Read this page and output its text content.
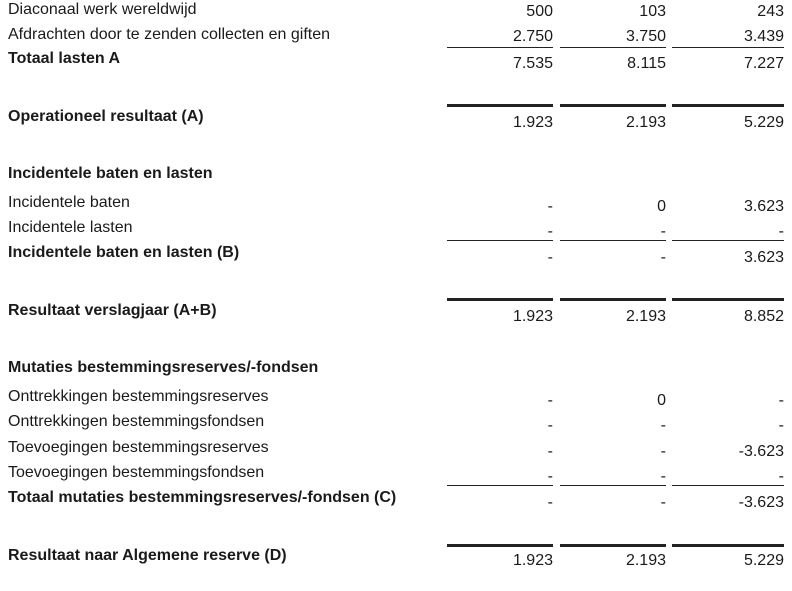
Diaconaal werk wereldwijd	500	103	243
Afdrachten door te zenden collecten en giften	2.750	3.750	3.439
Totaal lasten A	7.535	8.115	7.227
Operationeel resultaat (A)	1.923	2.193	5.229
Incidentele baten en lasten
Incidentele baten	-	0	3.623
Incidentele lasten	-	-	-
Incidentele baten en lasten (B)	-	-	3.623
Resultaat verslagjaar (A+B)	1.923	2.193	8.852
Mutaties bestemmingsreserves/-fondsen
Onttrekkingen bestemmingsreserves	-	0	-
Onttrekkingen bestemmingsfondsen	-	-	-
Toevoegingen bestemmingsreserves	-	-	-3.623
Toevoegingen bestemmingsfondsen	-	-	-
Totaal mutaties bestemmingsreserves/-fondsen (C)	-	-	-3.623
Resultaat naar Algemene reserve (D)	1.923	2.193	5.229
